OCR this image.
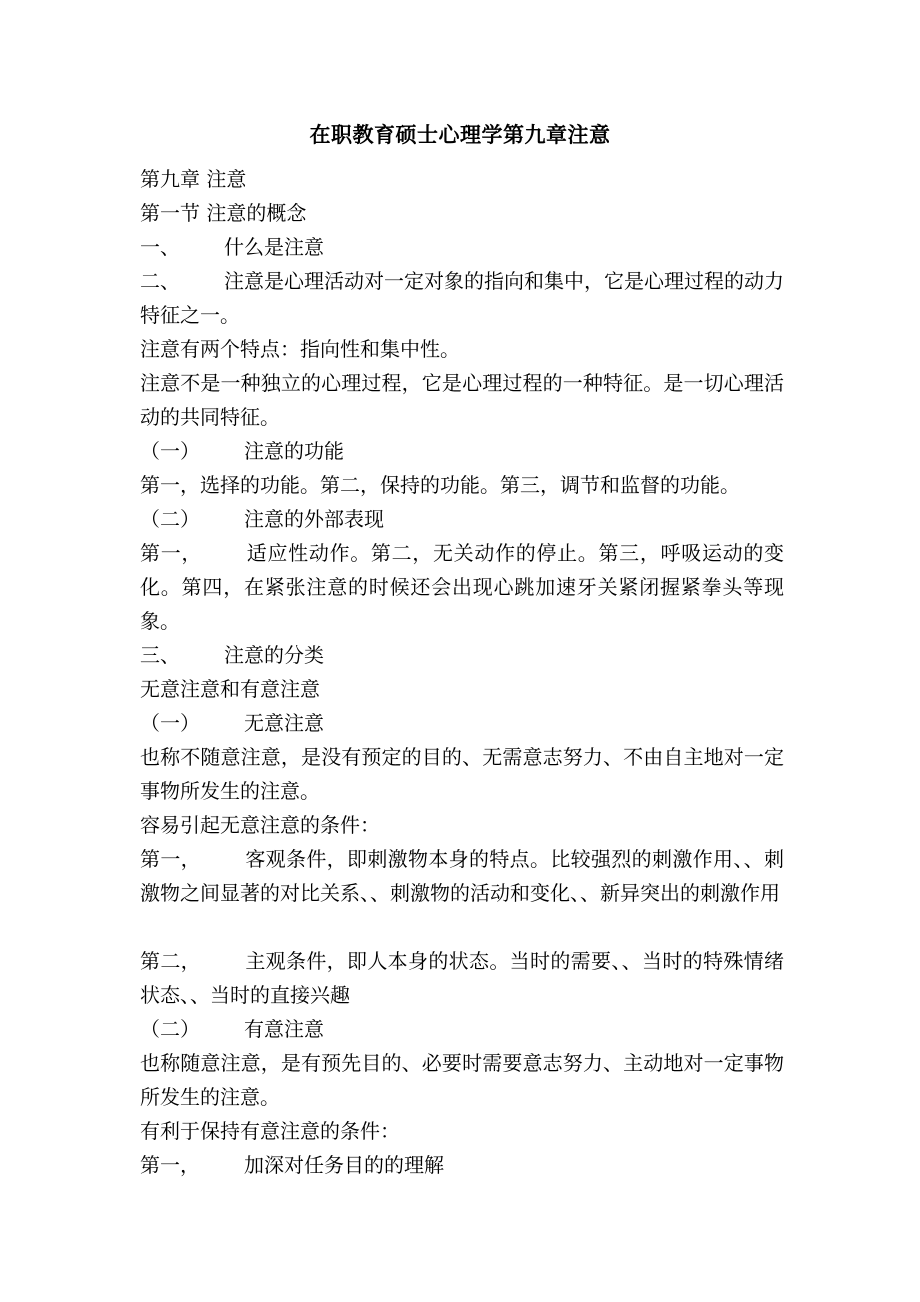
在职教育硕士心理学第九章注意
第九章 注意
第一节 注意的概念
一、 什么是注意
二、 注意是心理活动对一定对象的指向和集中，它是心理过程的动力特征之一。
注意有两个特点：指向性和集中性。
注意不是一种独立的心理过程，它是心理过程的一种特征。是一切心理活动的共同特征。
（一） 注意的功能
第一，选择的功能。第二，保持的功能。第三，调节和监督的功能。
（二） 注意的外部表现
第一， 适应性动作。第二，无关动作的停止。第三，呼吸运动的变化。第四，在紧张注意的时候还会出现心跳加速牙关紧闭握紧拳头等现象。
三、 注意的分类
无意注意和有意注意
（一） 无意注意
也称不随意注意，是没有预定的目的、无需意志努力、不由自主地对一定事物所发生的注意。
容易引起无意注意的条件：
第一， 客观条件，即刺激物本身的特点。比较强烈的刺激作用、、刺激物之间显著的对比关系、、刺激物的活动和变化、、新异突出的刺激作用
第二， 主观条件，即人本身的状态。当时的需要、、当时的特殊情绪状态、、当时的直接兴趣
（二） 有意注意
也称随意注意，是有预先目的、必要时需要意志努力、主动地对一定事物所发生的注意。
有利于保持有意注意的条件：
第一， 加深对任务目的的理解
